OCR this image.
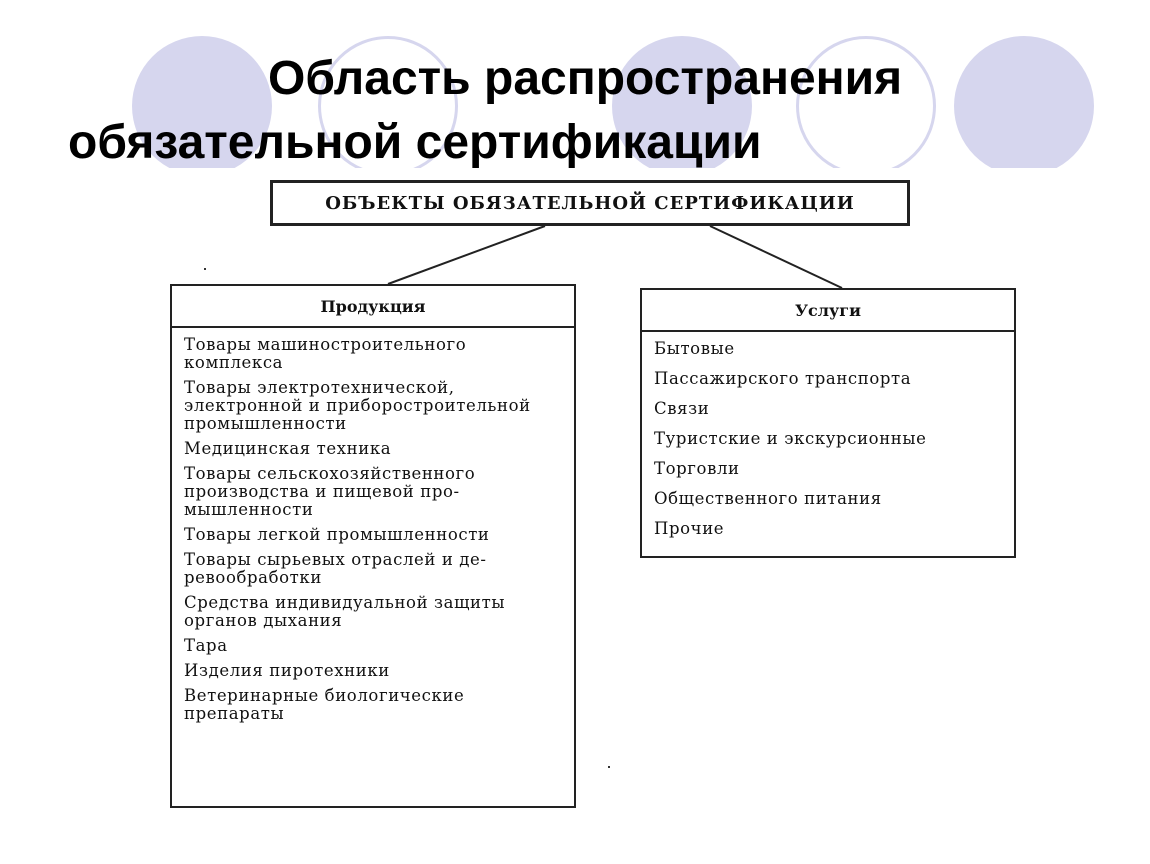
Область распространения
обязательной сертификации
ОБЪЕКТЫ ОБЯЗАТЕЛЬНОЙ СЕРТИФИКАЦИИ
Продукция
Товары машиностроительного комплекса
Товары электротехнической, электронной и приборостроительной промышленности
Медицинская техника
Товары сельскохозяйственного производства и пищевой промышленности
Товары легкой промышленности
Товары сырьевых отраслей и деревообработки
Средства индивидуальной защиты органов дыхания
Тара
Изделия пиротехники
Ветеринарные биологические препараты
Услуги
Бытовые
Пассажирского транспорта
Связи
Туристские и экскурсионные
Торговли
Общественного питания
Прочие
